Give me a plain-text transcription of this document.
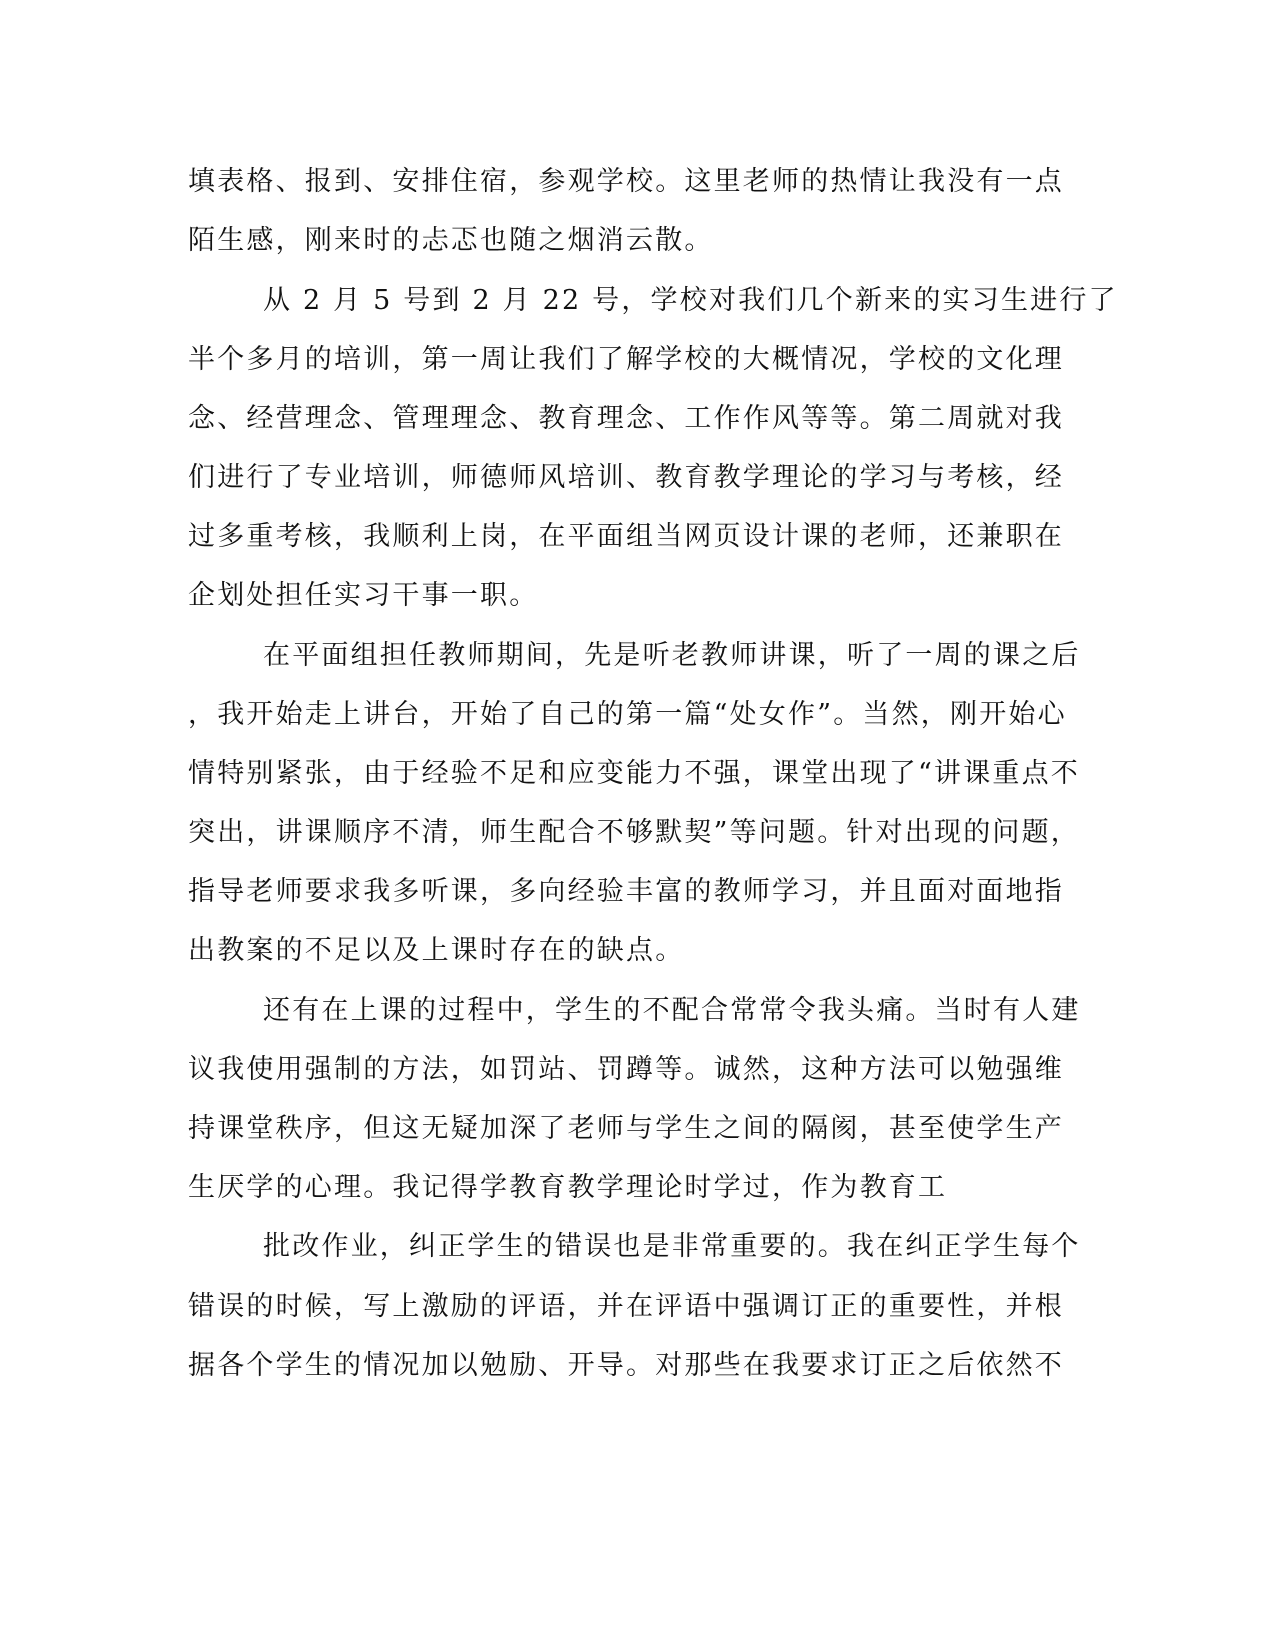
填表格、报到、安排住宿，参观学校。这里老师的热情让我没有一点
陌生感，刚来时的忐忑也随之烟消云散。
从 2 月 5 号到 2 月 22 号，学校对我们几个新来的实习生进行了
半个多月的培训，第一周让我们了解学校的大概情况，学校的文化理
念、经营理念、管理理念、教育理念、工作作风等等。第二周就对我
们进行了专业培训，师德师风培训、教育教学理论的学习与考核，经
过多重考核，我顺利上岗，在平面组当网页设计课的老师，还兼职在
企划处担任实习干事一职。
在平面组担任教师期间，先是听老教师讲课，听了一周的课之后
，我开始走上讲台，开始了自己的第一篇“处女作”。当然，刚开始心
情特别紧张，由于经验不足和应变能力不强，课堂出现了“讲课重点不
突出，讲课顺序不清，师生配合不够默契”等问题。针对出现的问题，
指导老师要求我多听课，多向经验丰富的教师学习，并且面对面地指
出教案的不足以及上课时存在的缺点。
还有在上课的过程中，学生的不配合常常令我头痛。当时有人建
议我使用强制的方法，如罚站、罚蹲等。诚然，这种方法可以勉强维
持课堂秩序，但这无疑加深了老师与学生之间的隔阂，甚至使学生产
生厌学的心理。我记得学教育教学理论时学过，作为教育工
批改作业，纠正学生的错误也是非常重要的。我在纠正学生每个
错误的时候，写上激励的评语，并在评语中强调订正的重要性，并根
据各个学生的情况加以勉励、开导。对那些在我要求订正之后依然不
